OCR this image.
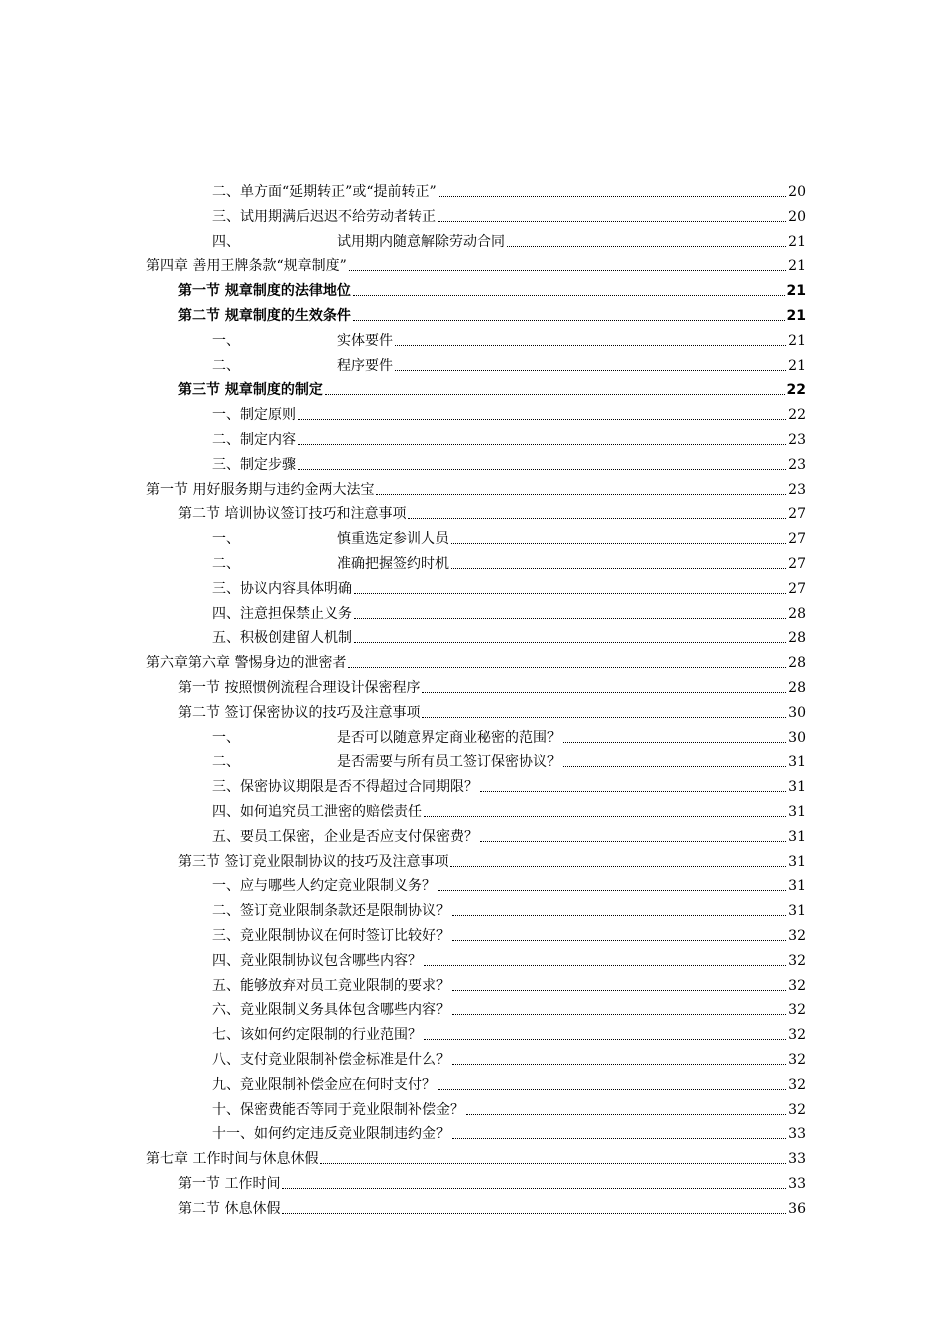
二、单方面“延期转正”或“提前转正”	20
三、试用期满后迟迟不给劳动者转正	20
四、	试用期内随意解除劳动合同	21
第四章 善用王牌条款“规章制度”	21
第一节 规章制度的法律地位	21
第二节 规章制度的生效条件	21
一、	实体要件	21
二、	程序要件	21
第三节 规章制度的制定	22
一、制定原则	22
二、制定内容	23
三、制定步骤	23
第一节 用好服务期与违约金两大法宝	23
第二节 培训协议签订技巧和注意事项	27
一、	慎重选定参训人员	27
二、	准确把握签约时机	27
三、协议内容具体明确	27
四、注意担保禁止义务	28
五、积极创建留人机制	28
第六章第六章 警惕身边的泄密者	28
第一节 按照惯例流程合理设计保密程序	28
第二节 签订保密协议的技巧及注意事项	30
一、	是否可以随意界定商业秘密的范围？	30
二、	是否需要与所有员工签订保密协议？	31
三、保密协议期限是否不得超过合同期限？	31
四、如何追究员工泄密的赔偿责任	31
五、要员工保密，企业是否应支付保密费？	31
第三节 签订竞业限制协议的技巧及注意事项	31
一、应与哪些人约定竞业限制义务？	31
二、签订竞业限制条款还是限制协议？	31
三、竞业限制协议在何时签订比较好？	32
四、竞业限制协议包含哪些内容？	32
五、能够放弃对员工竞业限制的要求？	32
六、竞业限制义务具体包含哪些内容？	32
七、该如何约定限制的行业范围？	32
八、支付竞业限制补偿金标准是什么？	32
九、竞业限制补偿金应在何时支付？	32
十、保密费能否等同于竞业限制补偿金？	32
十一、如何约定违反竞业限制违约金？	33
第七章 工作时间与休息休假	33
第一节 工作时间	33
第二节 休息休假	36
